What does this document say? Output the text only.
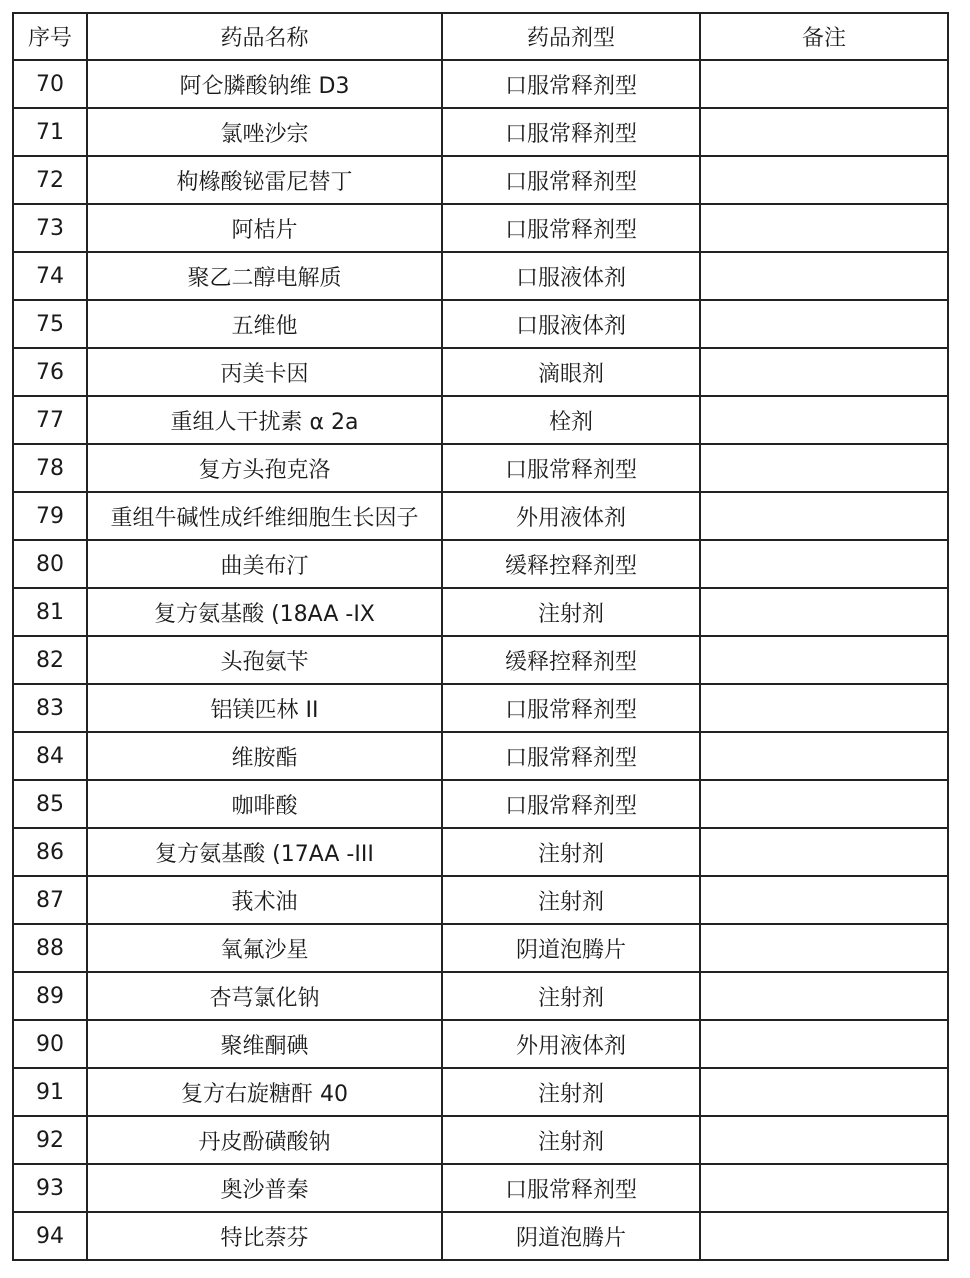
序号	药品名称	药品剂型	备注
70	阿仑膦酸钠维 D3	口服常释剂型	
71	氯唑沙宗	口服常释剂型	
72	枸橼酸铋雷尼替丁	口服常释剂型	
73	阿桔片	口服常释剂型	
74	聚乙二醇电解质	口服液体剂	
75	五维他	口服液体剂	
76	丙美卡因	滴眼剂	
77	重组人干扰素 α 2a	栓剂	
78	复方头孢克洛	口服常释剂型	
79	重组牛碱性成纤维细胞生长因子	外用液体剂	
80	曲美布汀	缓释控释剂型	
81	复方氨基酸 (18AA -IX	注射剂	
82	头孢氨苄	缓释控释剂型	
83	铝镁匹林 II	口服常释剂型	
84	维胺酯	口服常释剂型	
85	咖啡酸	口服常释剂型	
86	复方氨基酸 (17AA -III	注射剂	
87	莪术油	注射剂	
88	氧氟沙星	阴道泡腾片	
89	杏芎氯化钠	注射剂	
90	聚维酮碘	外用液体剂	
91	复方右旋糖酐 40	注射剂	
92	丹皮酚磺酸钠	注射剂	
93	奥沙普秦	口服常释剂型	
94	特比萘芬	阴道泡腾片	
